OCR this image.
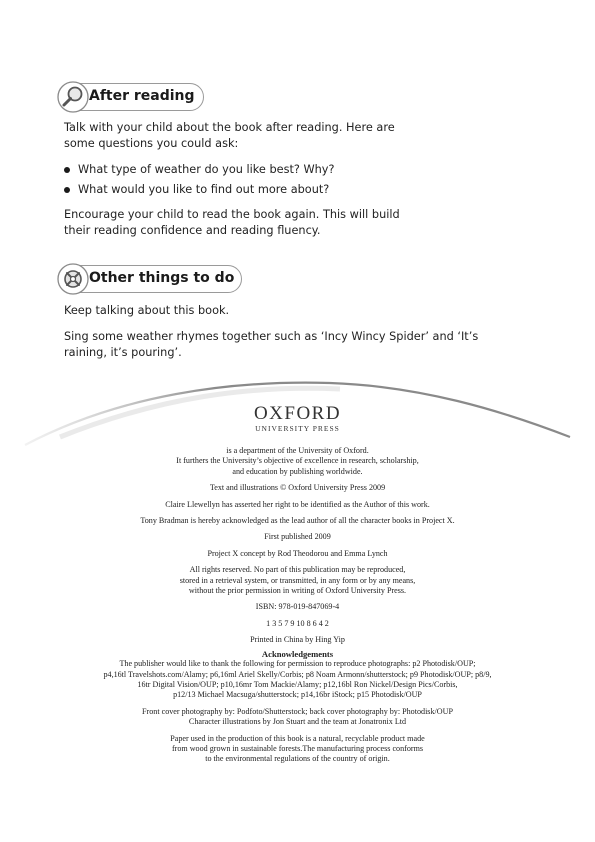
After reading

Talk with your child about the book after reading. Here are
some questions you could ask:

What type of weather do you like best? Why?
What would you like to find out more about?

Encourage your child to read the book again. This will build
their reading confidence and reading fluency.

Other things to do

Keep talking about this book.

Sing some weather rhymes together such as ‘Incy Wincy Spider’ and ‘It’s
raining, it’s pouring’.

OXFORD
UNIVERSITY PRESS

is a department of the University of Oxford.
It furthers the University’s objective of excellence in research, scholarship,
and education by publishing worldwide.

Text and illustrations © Oxford University Press 2009

Claire Llewellyn has asserted her right to be identified as the Author of this work.

Tony Bradman is hereby acknowledged as the lead author of all the character books in Project X.

First published 2009

Project X concept by Rod Theodorou and Emma Lynch

All rights reserved. No part of this publication may be reproduced,
stored in a retrieval system, or transmitted, in any form or by any means,
without the prior permission in writing of Oxford University Press.

ISBN: 978-019-847069-4

1 3 5 7 9 10 8 6 4 2

Printed in China by Hing Yip

Acknowledgements

The publisher would like to thank the following for permission to reproduce photographs: p2 Photodisk/OUP;
p4,16tl Travelshots.com/Alamy; p6,16ml Ariel Skelly/Corbis; p8 Noam Armonn/shutterstock; p9 Photodisk/OUP; p8/9,
16tr Digital Vision/OUP; p10,16mr Tom Mackie/Alamy; p12,16bl Ron Nickel/Design Pics/Corbis,
p12/13 Michael Macsuga/shutterstock; p14,16br iStock; p15 Photodisk/OUP

Front cover photography by: Podfoto/Shutterstock; back cover photography by: Photodisk/OUP
Character illustrations by Jon Stuart and the team at Jonatronix Ltd

Paper used in the production of this book is a natural, recyclable product made
from wood grown in sustainable forests.The manufacturing process conforms
to the environmental regulations of the country of origin.
